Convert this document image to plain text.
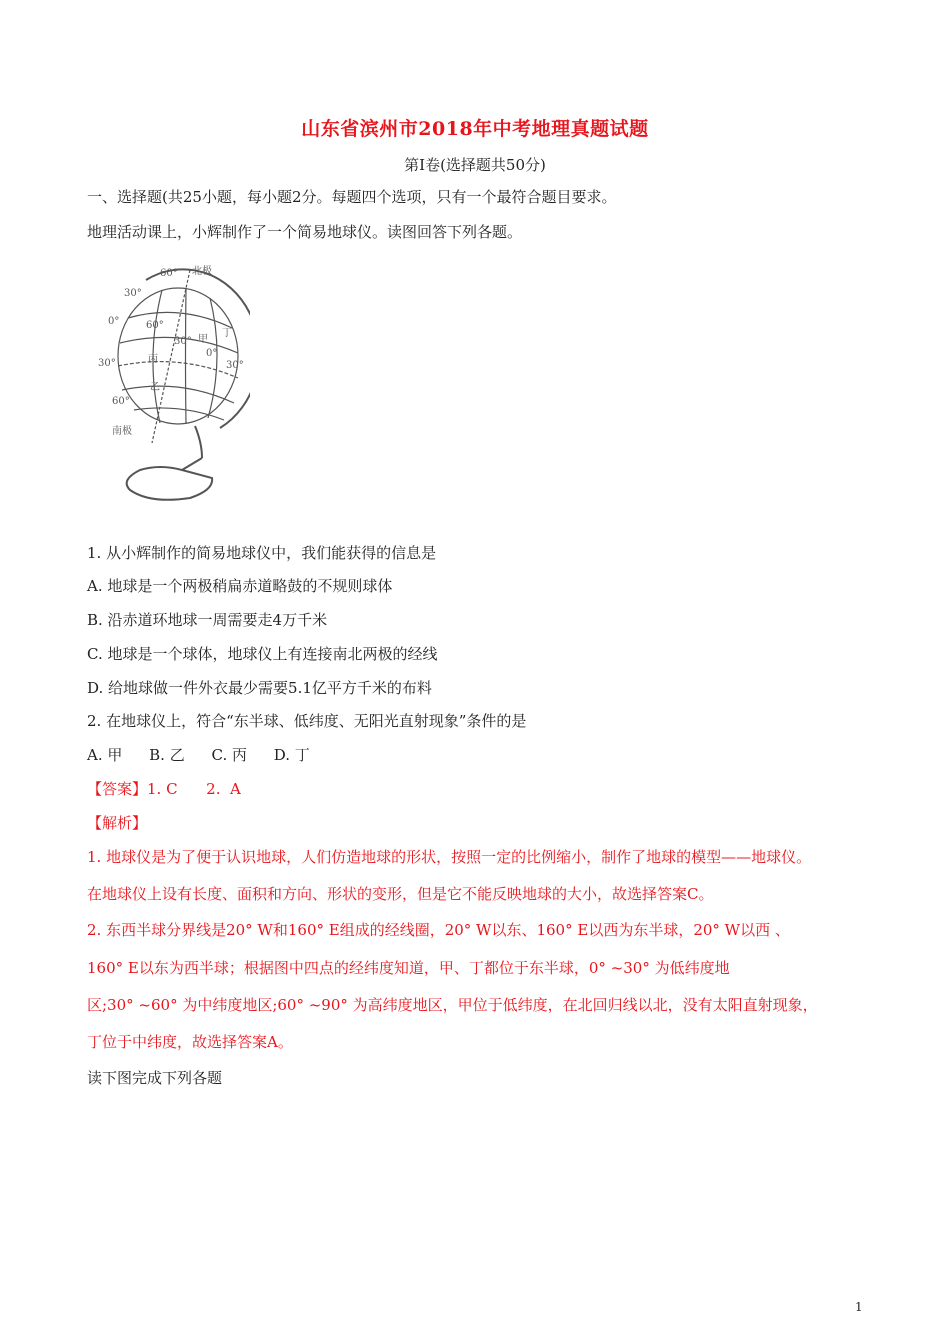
山东省滨州市2018年中考地理真题试题
第Ⅰ卷(选择题共50分)
一、选择题(共25小题，每小题2分。每题四个选项，只有一个最符合题目要求。
地理活动课上，小辉制作了一个简易地球仪。读图回答下列各题。
60° 北极
30°
0°	60°
30° 甲
丁
0°
30°	丙
30°
乙
60°
南极
1. 从小辉制作的简易地球仪中，我们能获得的信息是
A. 地球是一个两极稍扁赤道略鼓的不规则球体
B. 沿赤道环地球一周需要走4万千米
C. 地球是一个球体，地球仪上有连接南北两极的经线
D. 给地球做一件外衣最少需要5.1亿平方千米的布料
2. 在地球仪上，符合“东半球、低纬度、无阳光直射现象”条件的是
A. 甲 B. 乙 C. 丙 D. 丁
【答案】1. C      2.  A
【解析】
1. 地球仪是为了便于认识地球，人们仿造地球的形状，按照一定的比例缩小，制作了地球的模型——地球仪。
在地球仪上设有长度、面积和方向、形状的变形，但是它不能反映地球的大小，故选择答案C。
2. 东西半球分界线是20° W和160° E组成的经线圈，20° W以东、160° E以西为东半球，20° W以西 、
160° E以东为西半球；根据图中四点的经纬度知道，甲、丁都位于东半球，0° ~30° 为低纬度地
区;30° ~60° 为中纬度地区;60° ~90° 为高纬度地区，甲位于低纬度，在北回归线以北，没有太阳直射现象，
丁位于中纬度，故选择答案A。
读下图完成下列各题
1
